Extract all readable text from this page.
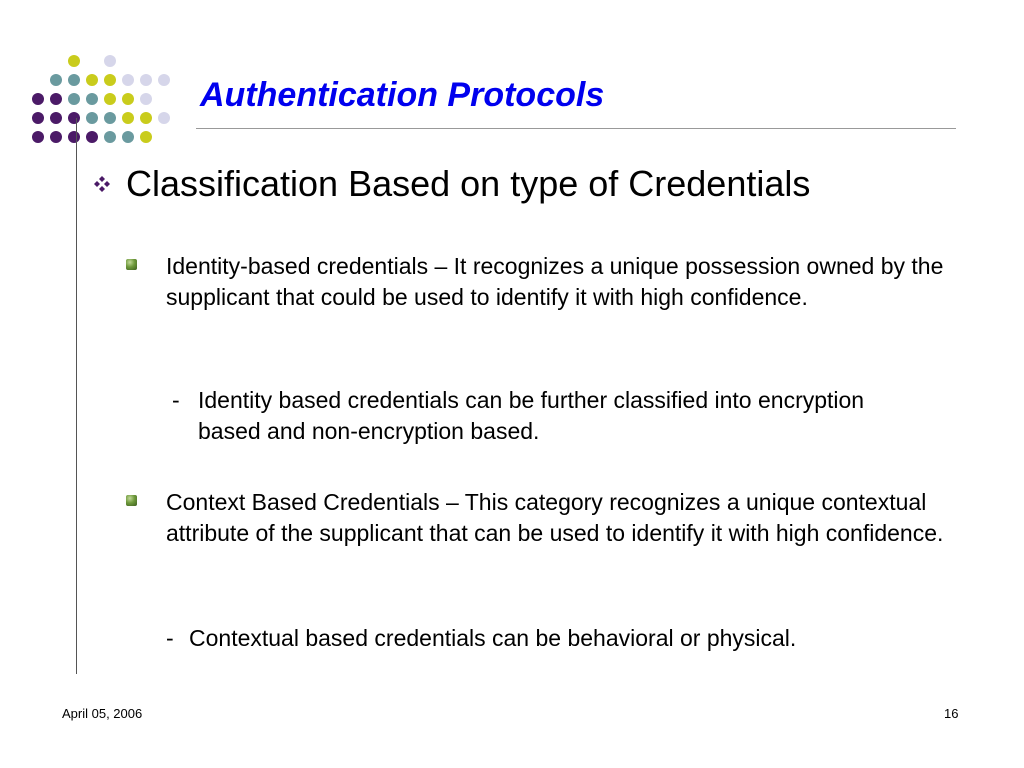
Authentication Protocols
Classification Based on type of Credentials
Identity-based credentials – It recognizes a unique possession owned by the supplicant that could be used to identify it with high confidence.
- Identity based credentials can be further classified into encryption based and non-encryption based.
Context Based Credentials – This category recognizes a unique contextual attribute of the supplicant that can be used to identify it with high confidence.
- Contextual based credentials can be behavioral or physical.
April 05, 2006	16
